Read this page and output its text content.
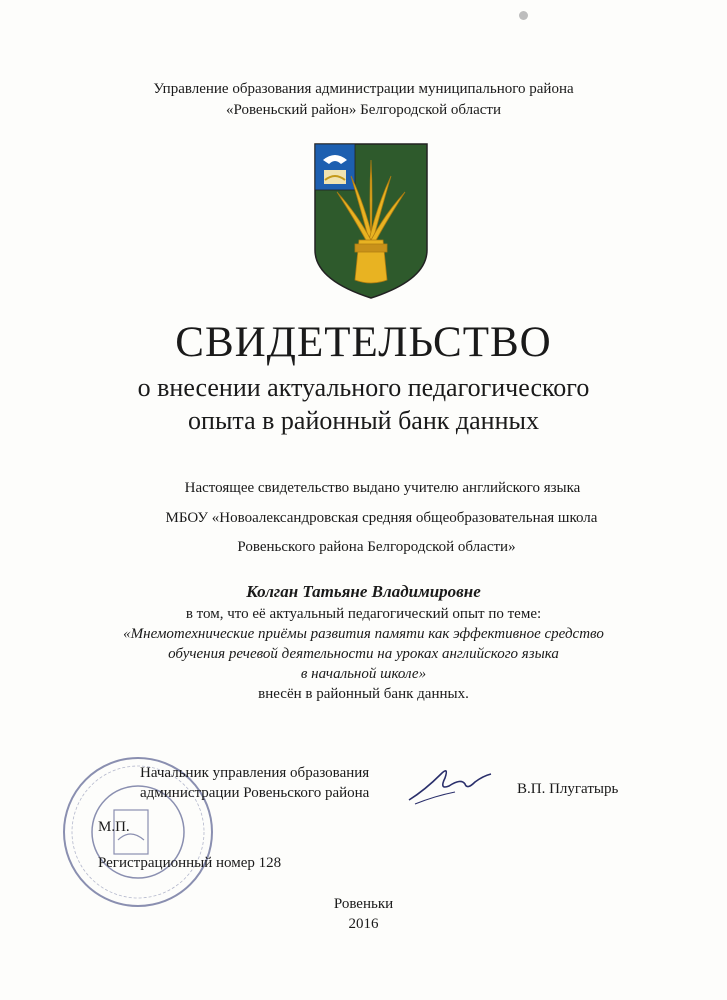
Управление образования администрации муниципального района
«Ровеньский район» Белгородской области
СВИДЕТЕЛЬСТВО
о внесении актуального педагогического
опыта в районный банк данных
Настоящее свидетельство выдано учителю английского языка
МБОУ «Новоалександровская средняя общеобразовательная школа
Ровеньского района Белгородской области»
Колган Татьяне Владимировне
в том, что её актуальный педагогический опыт по теме:
«Мнемотехнические приёмы развития памяти как эффективное средство
обучения речевой деятельности на уроках английского языка
в начальной школе»
внесён в районный банк данных.
Начальник управления образования
администрации Ровеньского района	В.П. Плугатырь
М.П.
Регистрационный номер 128
Ровеньки
2016
